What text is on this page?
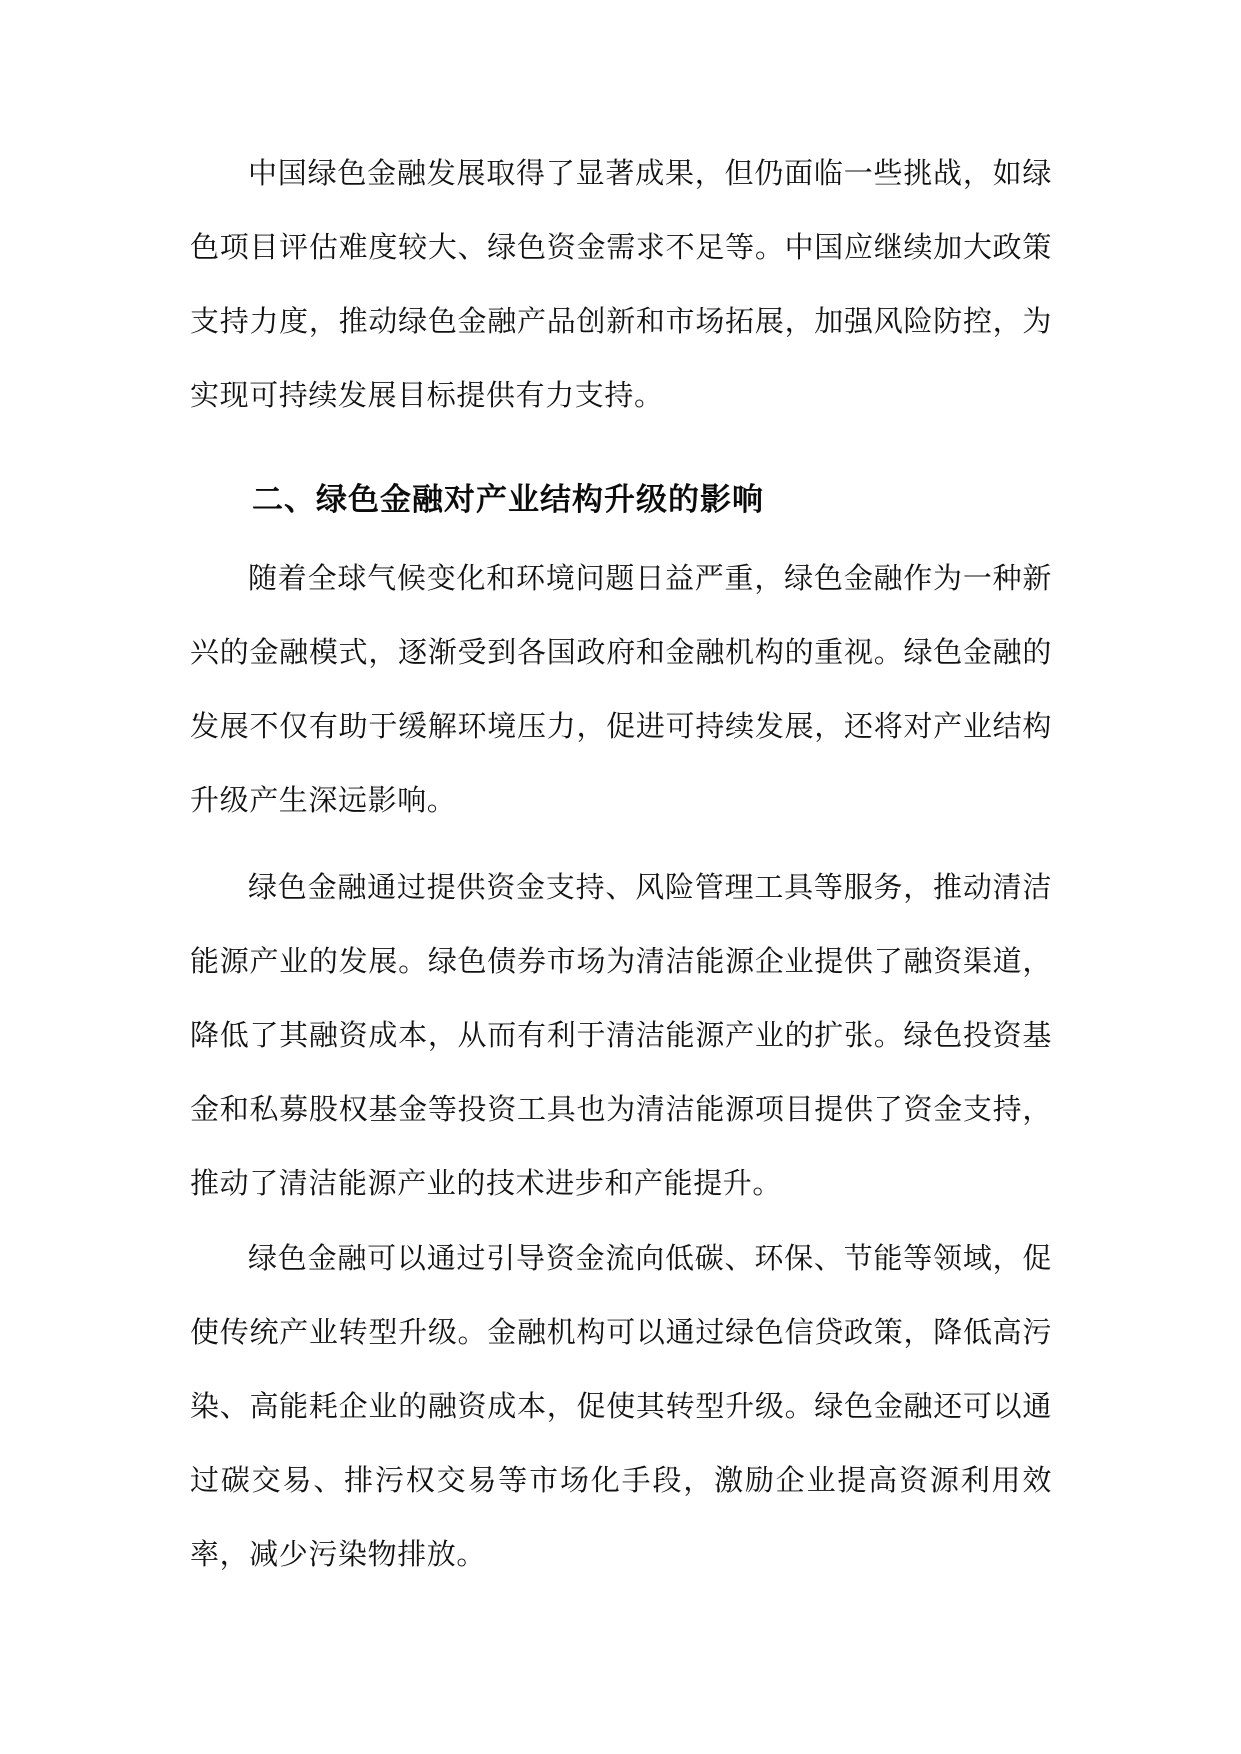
中国绿色金融发展取得了显著成果，但仍面临一些挑战，如绿色项目评估难度较大、绿色资金需求不足等。中国应继续加大政策支持力度，推动绿色金融产品创新和市场拓展，加强风险防控，为实现可持续发展目标提供有力支持。

二、绿色金融对产业结构升级的影响

随着全球气候变化和环境问题日益严重，绿色金融作为一种新兴的金融模式，逐渐受到各国政府和金融机构的重视。绿色金融的发展不仅有助于缓解环境压力，促进可持续发展，还将对产业结构升级产生深远影响。

绿色金融通过提供资金支持、风险管理工具等服务，推动清洁能源产业的发展。绿色债券市场为清洁能源企业提供了融资渠道，降低了其融资成本，从而有利于清洁能源产业的扩张。绿色投资基金和私募股权基金等投资工具也为清洁能源项目提供了资金支持，推动了清洁能源产业的技术进步和产能提升。

绿色金融可以通过引导资金流向低碳、环保、节能等领域，促使传统产业转型升级。金融机构可以通过绿色信贷政策，降低高污染、高能耗企业的融资成本，促使其转型升级。绿色金融还可以通过碳交易、排污权交易等市场化手段，激励企业提高资源利用效率，减少污染物排放。
